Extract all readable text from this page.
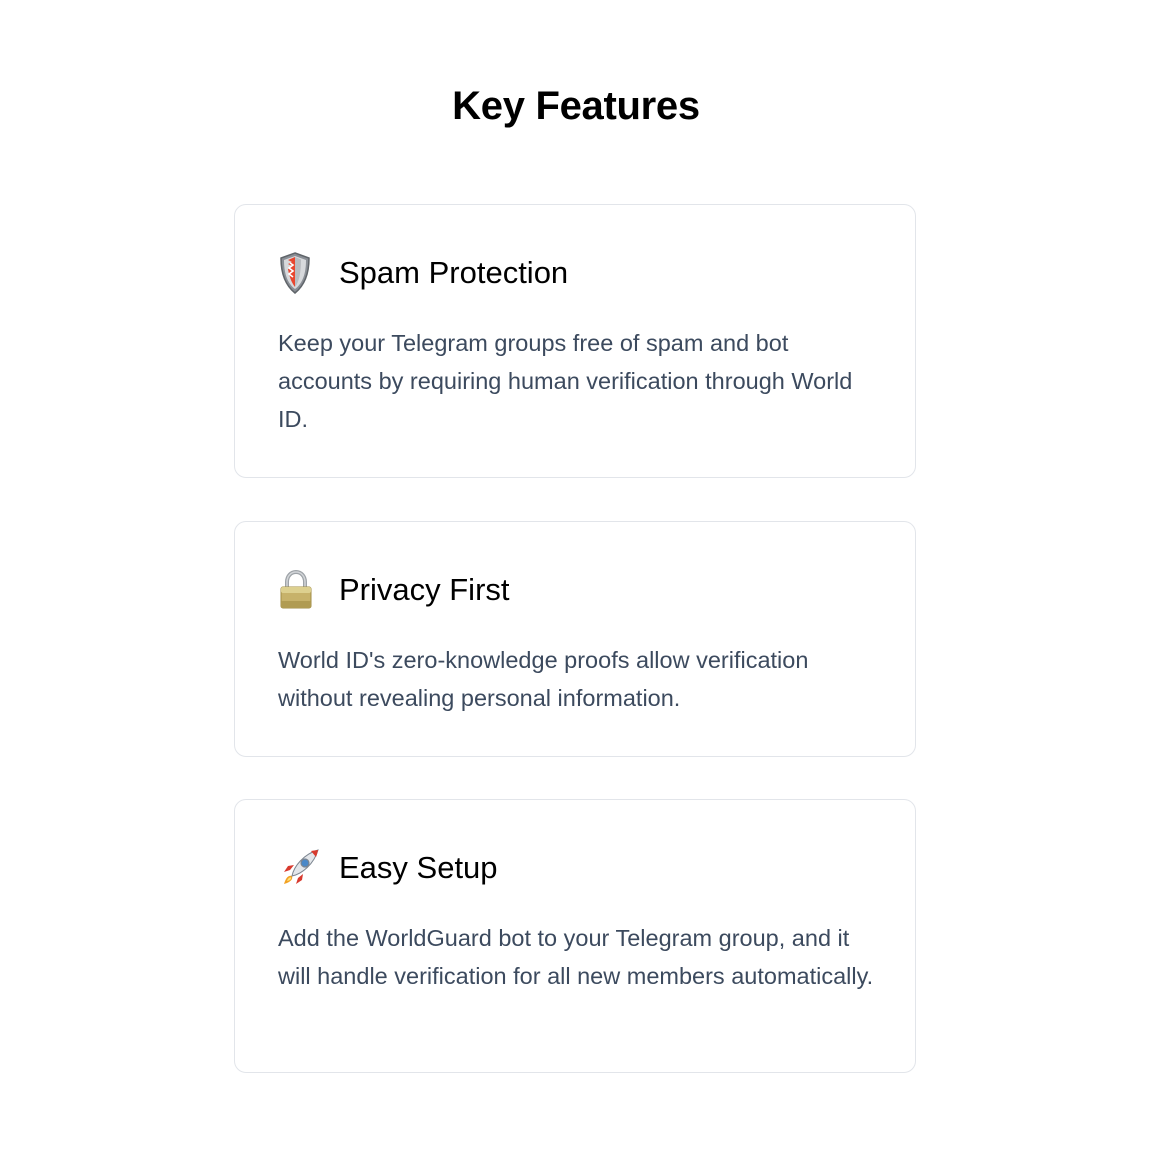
Key Features
Spam Protection

Keep your Telegram groups free of spam and bot accounts by requiring human verification through World ID.

Privacy First

World ID's zero-knowledge proofs allow verification without revealing personal information.

Easy Setup

Add the WorldGuard bot to your Telegram group, and it will handle verification for all new members automatically.
